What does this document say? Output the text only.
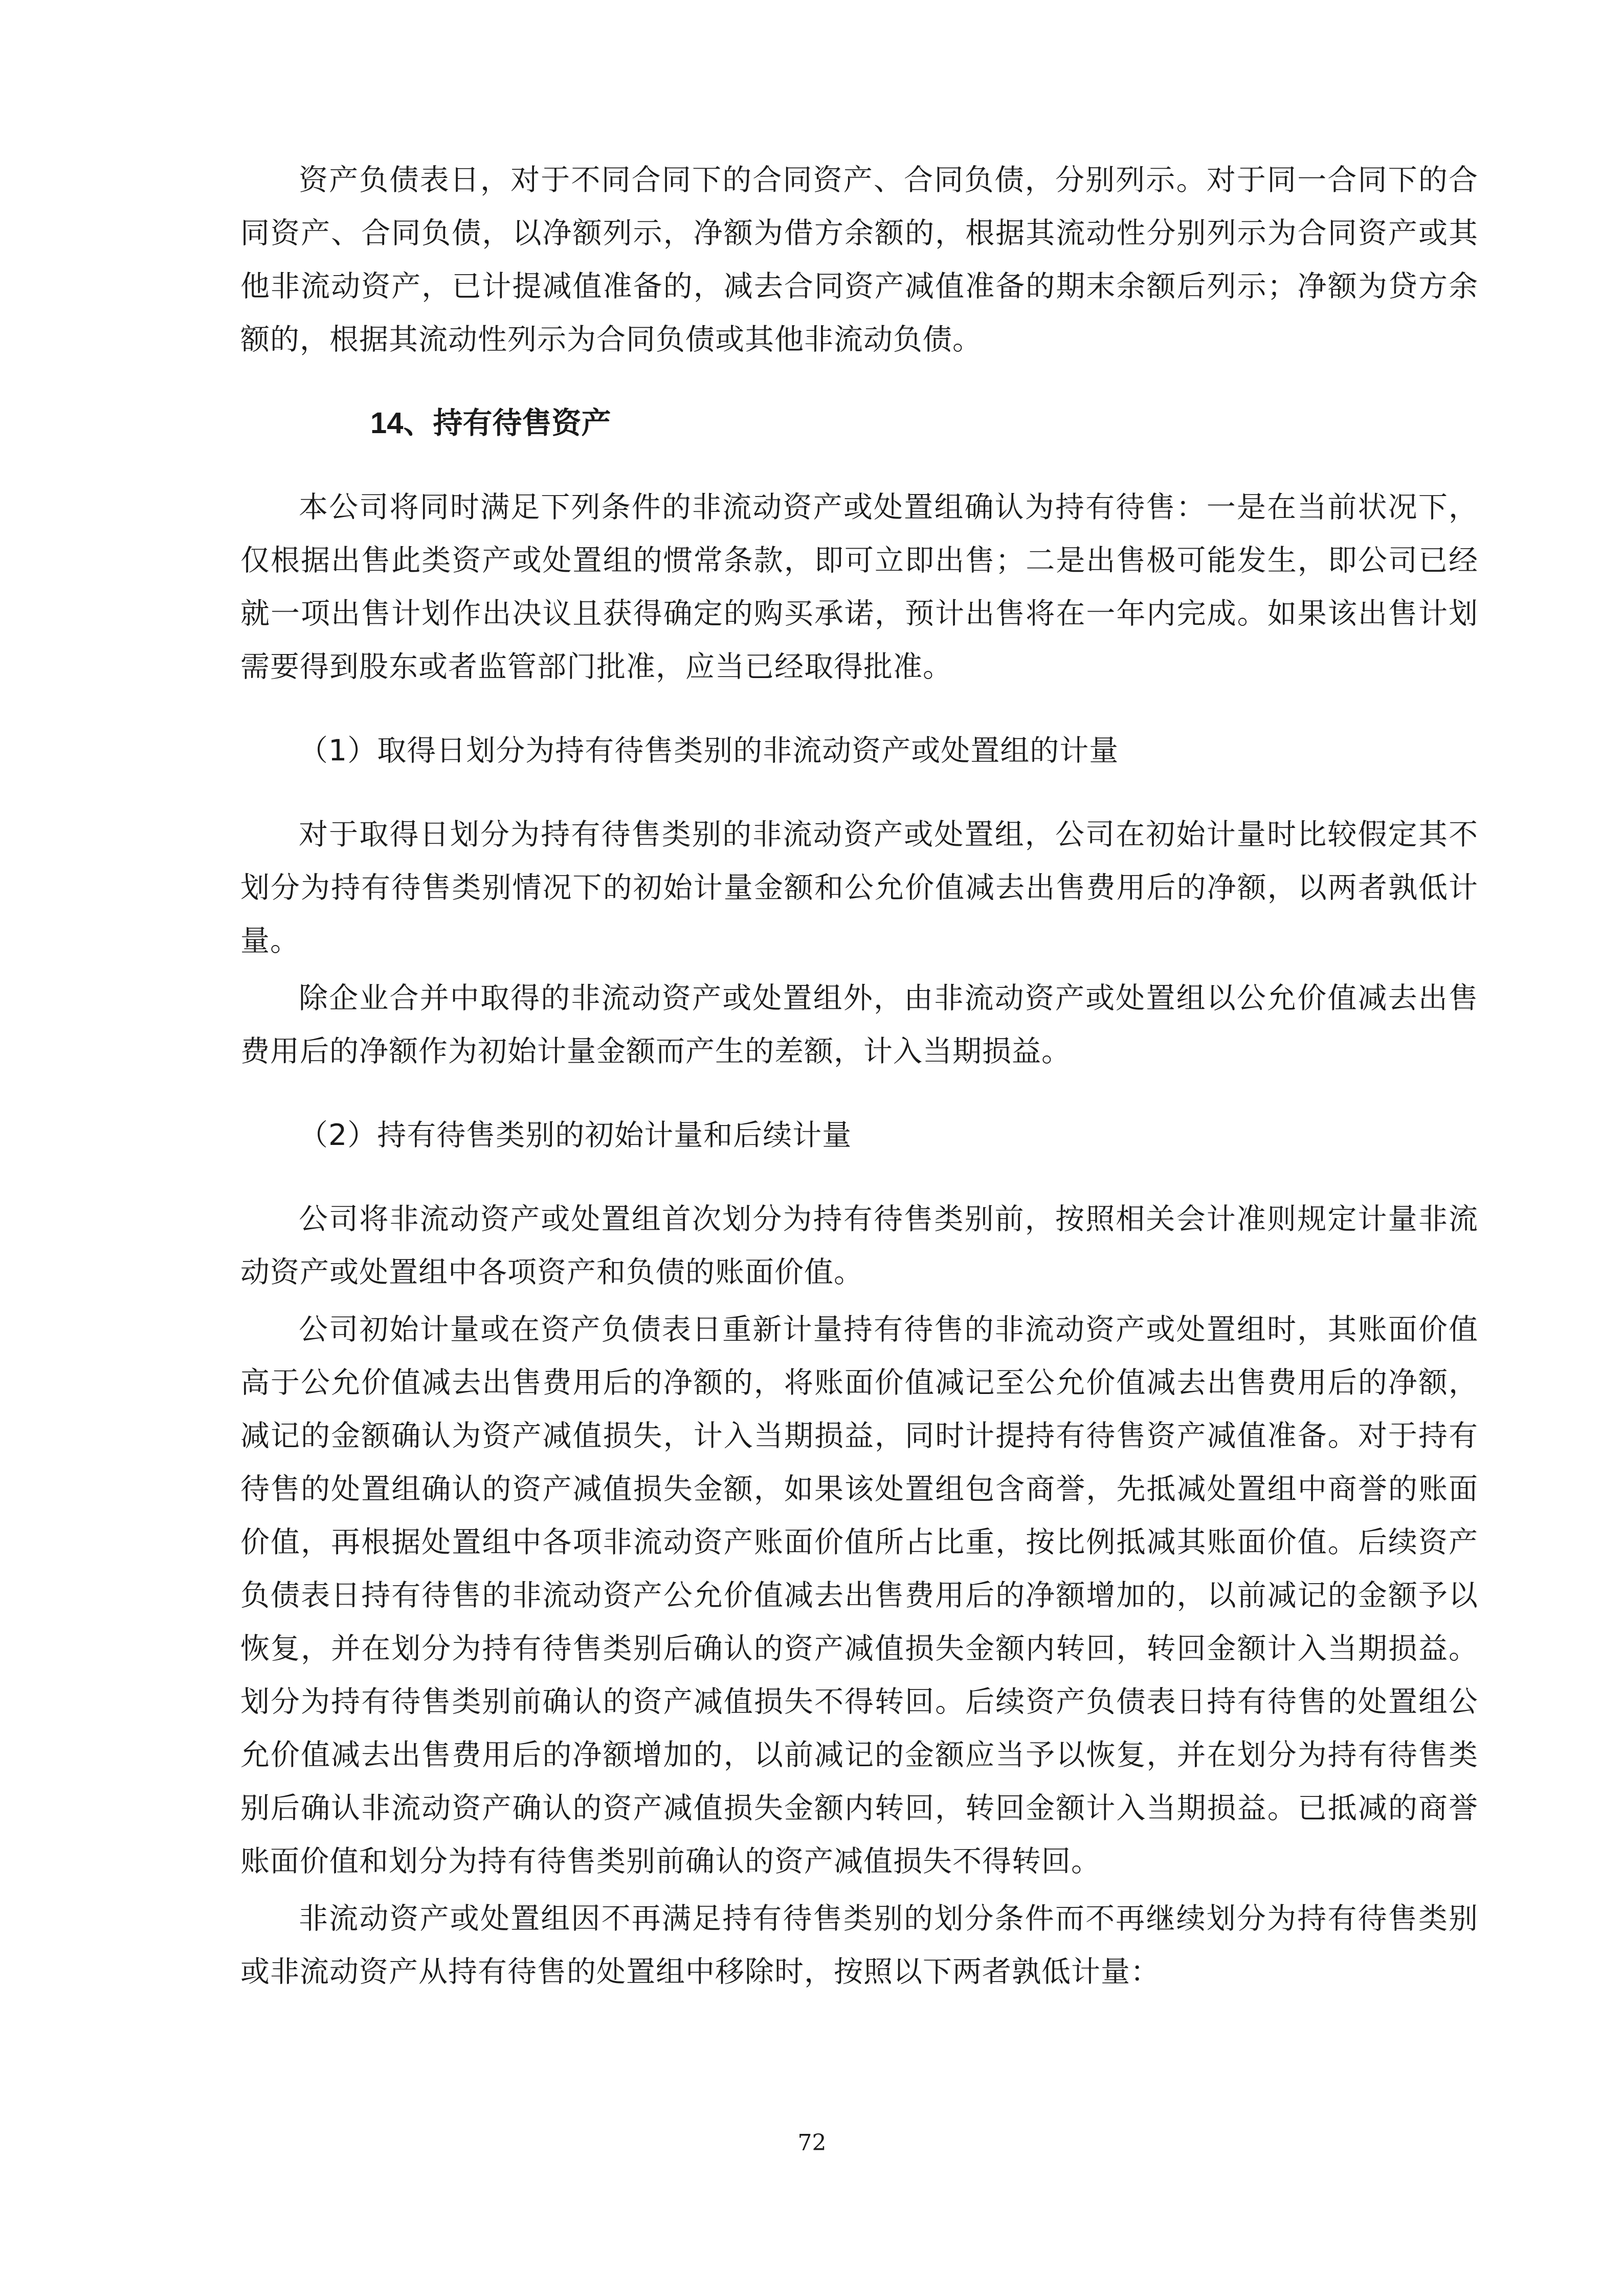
资产负债表日，对于不同合同下的合同资产、合同负债，分别列示。对于同一合同下的合同资产、合同负债，以净额列示，净额为借方余额的，根据其流动性分别列示为合同资产或其他非流动资产，已计提减值准备的，减去合同资产减值准备的期末余额后列示；净额为贷方余额的，根据其流动性列示为合同负债或其他非流动负债。

14、持有待售资产

本公司将同时满足下列条件的非流动资产或处置组确认为持有待售：一是在当前状况下，仅根据出售此类资产或处置组的惯常条款，即可立即出售；二是出售极可能发生，即公司已经就一项出售计划作出决议且获得确定的购买承诺，预计出售将在一年内完成。如果该出售计划需要得到股东或者监管部门批准，应当已经取得批准。

（1）取得日划分为持有待售类别的非流动资产或处置组的计量

对于取得日划分为持有待售类别的非流动资产或处置组，公司在初始计量时比较假定其不划分为持有待售类别情况下的初始计量金额和公允价值减去出售费用后的净额，以两者孰低计量。

除企业合并中取得的非流动资产或处置组外，由非流动资产或处置组以公允价值减去出售费用后的净额作为初始计量金额而产生的差额，计入当期损益。

（2）持有待售类别的初始计量和后续计量

公司将非流动资产或处置组首次划分为持有待售类别前，按照相关会计准则规定计量非流动资产或处置组中各项资产和负债的账面价值。

公司初始计量或在资产负债表日重新计量持有待售的非流动资产或处置组时，其账面价值高于公允价值减去出售费用后的净额的，将账面价值减记至公允价值减去出售费用后的净额，减记的金额确认为资产减值损失，计入当期损益，同时计提持有待售资产减值准备。对于持有待售的处置组确认的资产减值损失金额，如果该处置组包含商誉，先抵减处置组中商誉的账面价值，再根据处置组中各项非流动资产账面价值所占比重，按比例抵减其账面价值。后续资产负债表日持有待售的非流动资产公允价值减去出售费用后的净额增加的，以前减记的金额予以恢复，并在划分为持有待售类别后确认的资产减值损失金额内转回，转回金额计入当期损益。划分为持有待售类别前确认的资产减值损失不得转回。后续资产负债表日持有待售的处置组公允价值减去出售费用后的净额增加的，以前减记的金额应当予以恢复，并在划分为持有待售类别后确认非流动资产确认的资产减值损失金额内转回，转回金额计入当期损益。已抵减的商誉账面价值和划分为持有待售类别前确认的资产减值损失不得转回。

非流动资产或处置组因不再满足持有待售类别的划分条件而不再继续划分为持有待售类别或非流动资产从持有待售的处置组中移除时，按照以下两者孰低计量：

72
